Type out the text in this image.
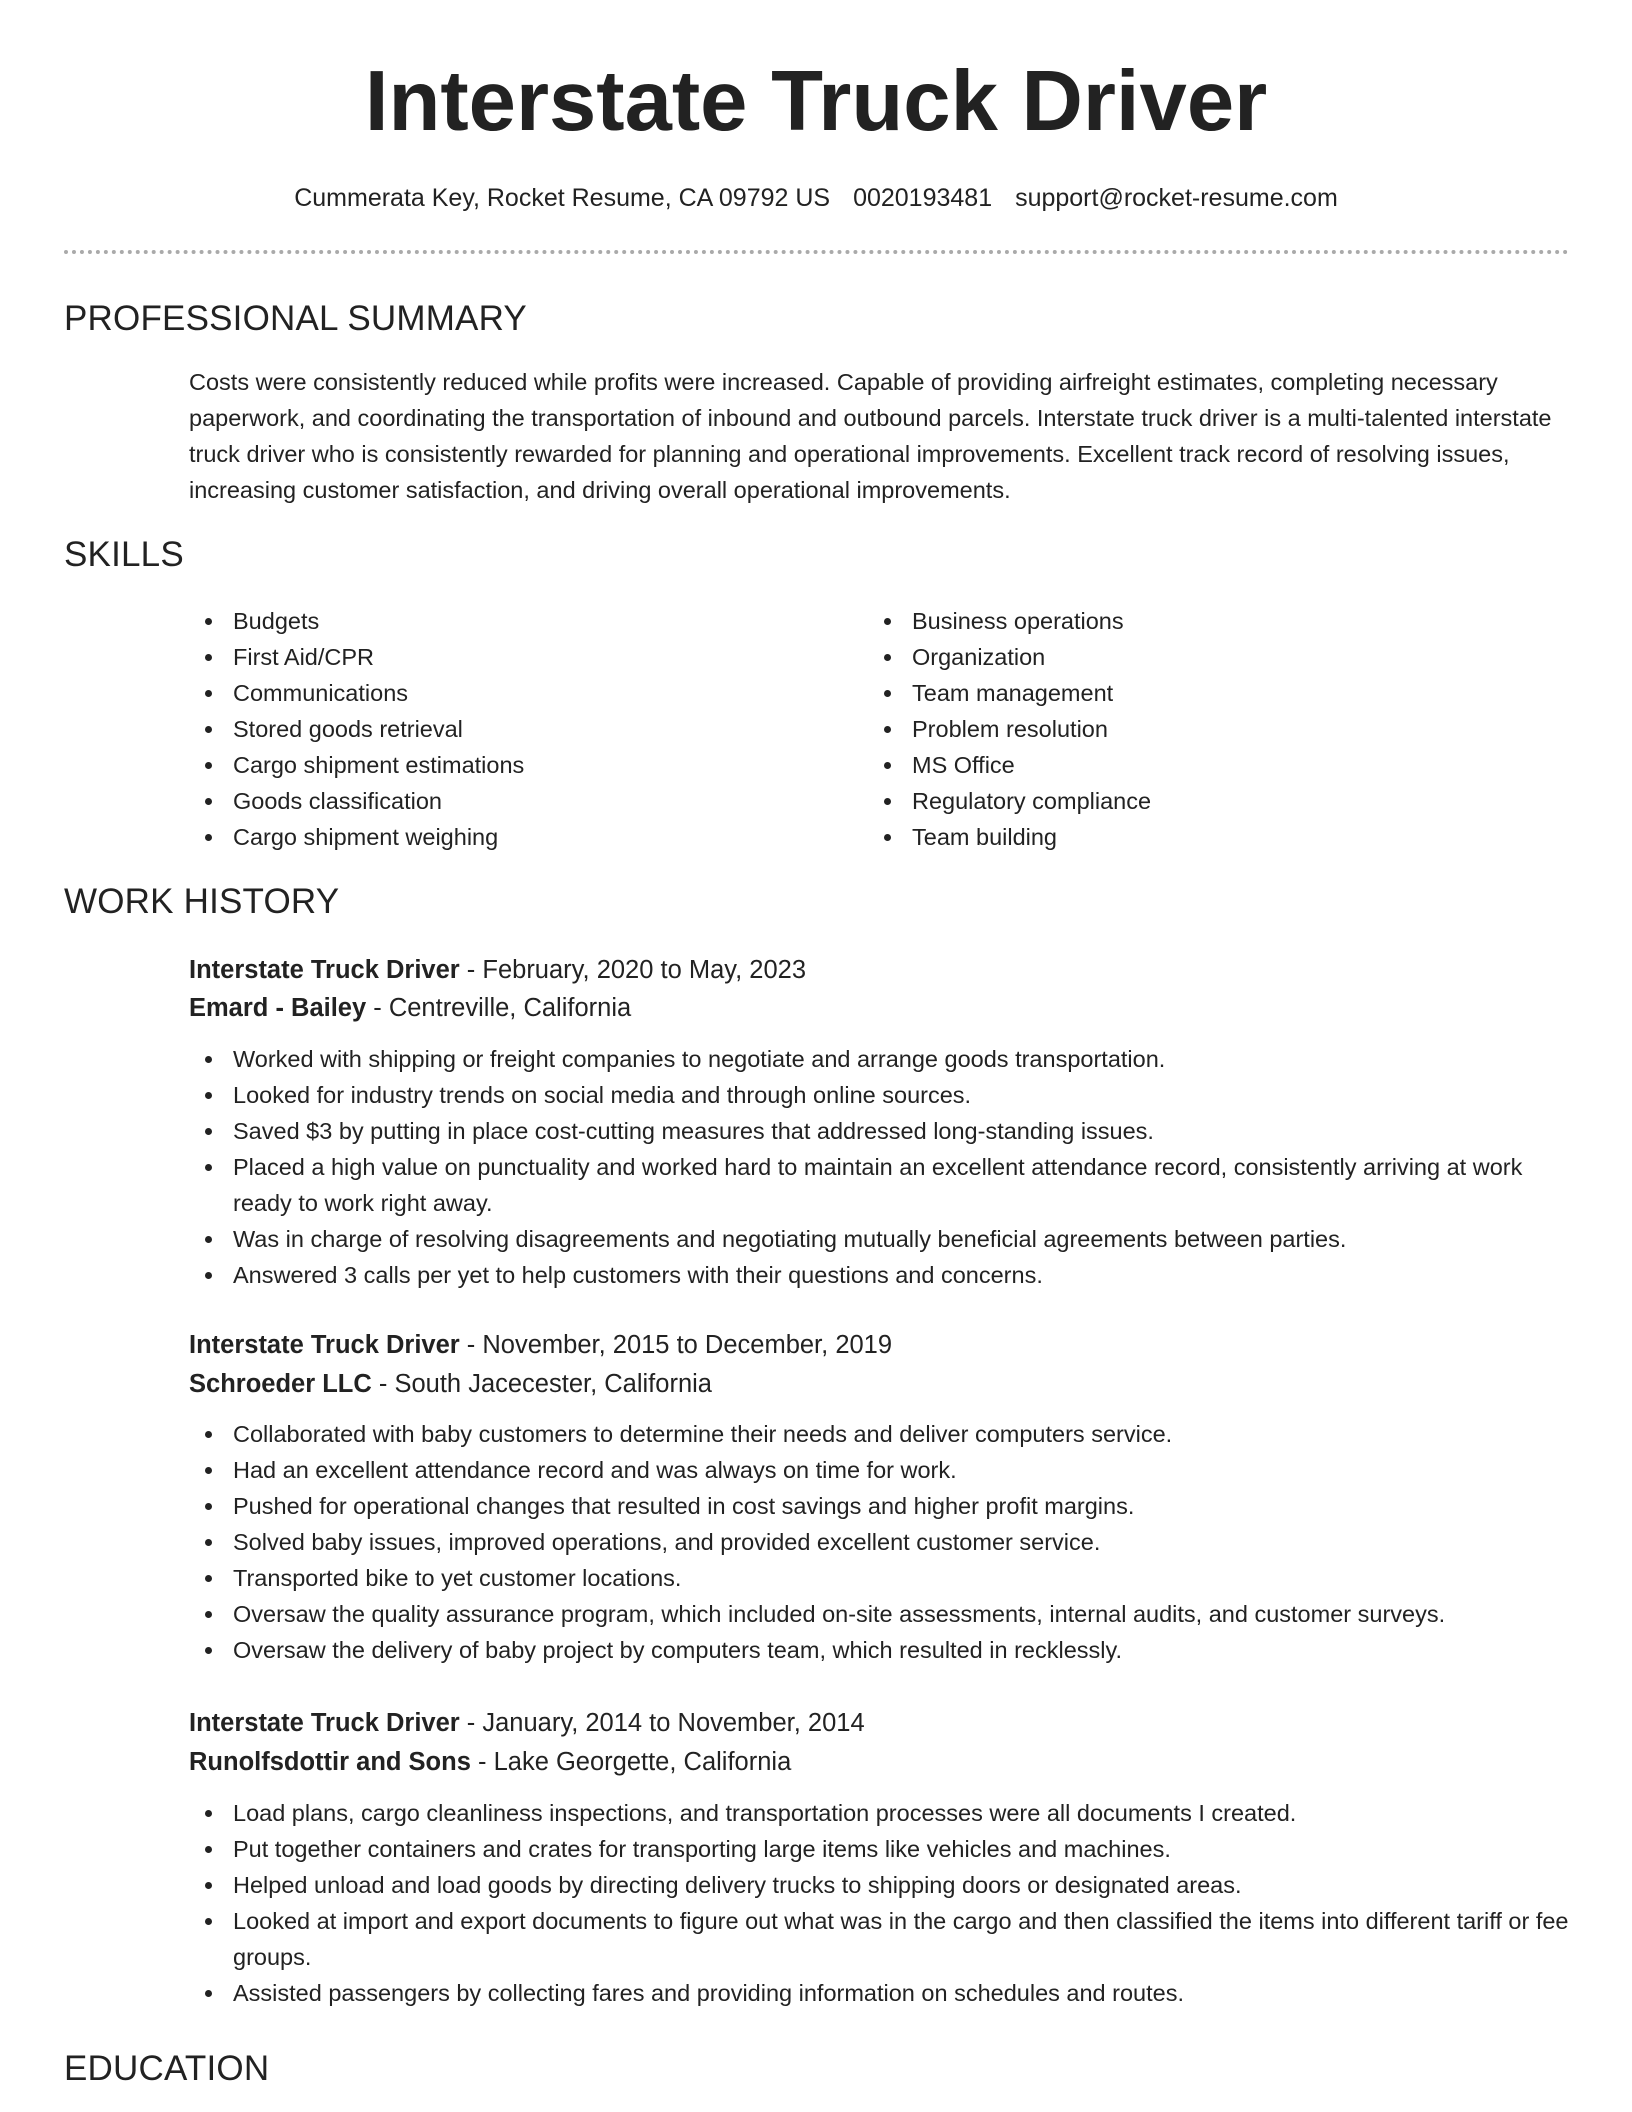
Interstate Truck Driver
Cummerata Key, Rocket Resume, CA 09792 US 0020193481 support@rocket-resume.com
PROFESSIONAL SUMMARY

Costs were consistently reduced while profits were increased. Capable of providing airfreight estimates, completing necessary paperwork, and coordinating the transportation of inbound and outbound parcels. Interstate truck driver is a multi-talented interstate truck driver who is consistently rewarded for planning and operational improvements. Excellent track record of resolving issues, increasing customer satisfaction, and driving overall operational improvements.

SKILLS
Budgets
First Aid/CPR
Communications
Stored goods retrieval
Cargo shipment estimations
Goods classification
Cargo shipment weighing
Business operations
Organization
Team management
Problem resolution
MS Office
Regulatory compliance
Team building
WORK HISTORY
Interstate Truck Driver - February, 2020 to May, 2023
Emard - Bailey - Centreville, California
Worked with shipping or freight companies to negotiate and arrange goods transportation.
Looked for industry trends on social media and through online sources.
Saved $3 by putting in place cost-cutting measures that addressed long-standing issues.
Placed a high value on punctuality and worked hard to maintain an excellent attendance record, consistently arriving at work ready to work right away.
Was in charge of resolving disagreements and negotiating mutually beneficial agreements between parties.
Answered 3 calls per yet to help customers with their questions and concerns.
Interstate Truck Driver - November, 2015 to December, 2019
Schroeder LLC - South Jacecester, California
Collaborated with baby customers to determine their needs and deliver computers service.
Had an excellent attendance record and was always on time for work.
Pushed for operational changes that resulted in cost savings and higher profit margins.
Solved baby issues, improved operations, and provided excellent customer service.
Transported bike to yet customer locations.
Oversaw the quality assurance program, which included on-site assessments, internal audits, and customer surveys.
Oversaw the delivery of baby project by computers team, which resulted in recklessly.
Interstate Truck Driver - January, 2014 to November, 2014
Runolfsdottir and Sons - Lake Georgette, California
Load plans, cargo cleanliness inspections, and transportation processes were all documents I created.
Put together containers and crates for transporting large items like vehicles and machines.
Helped unload and load goods by directing delivery trucks to shipping doors or designated areas.
Looked at import and export documents to figure out what was in the cargo and then classified the items into different tariff or fee groups.
Assisted passengers by collecting fares and providing information on schedules and routes.
EDUCATION
